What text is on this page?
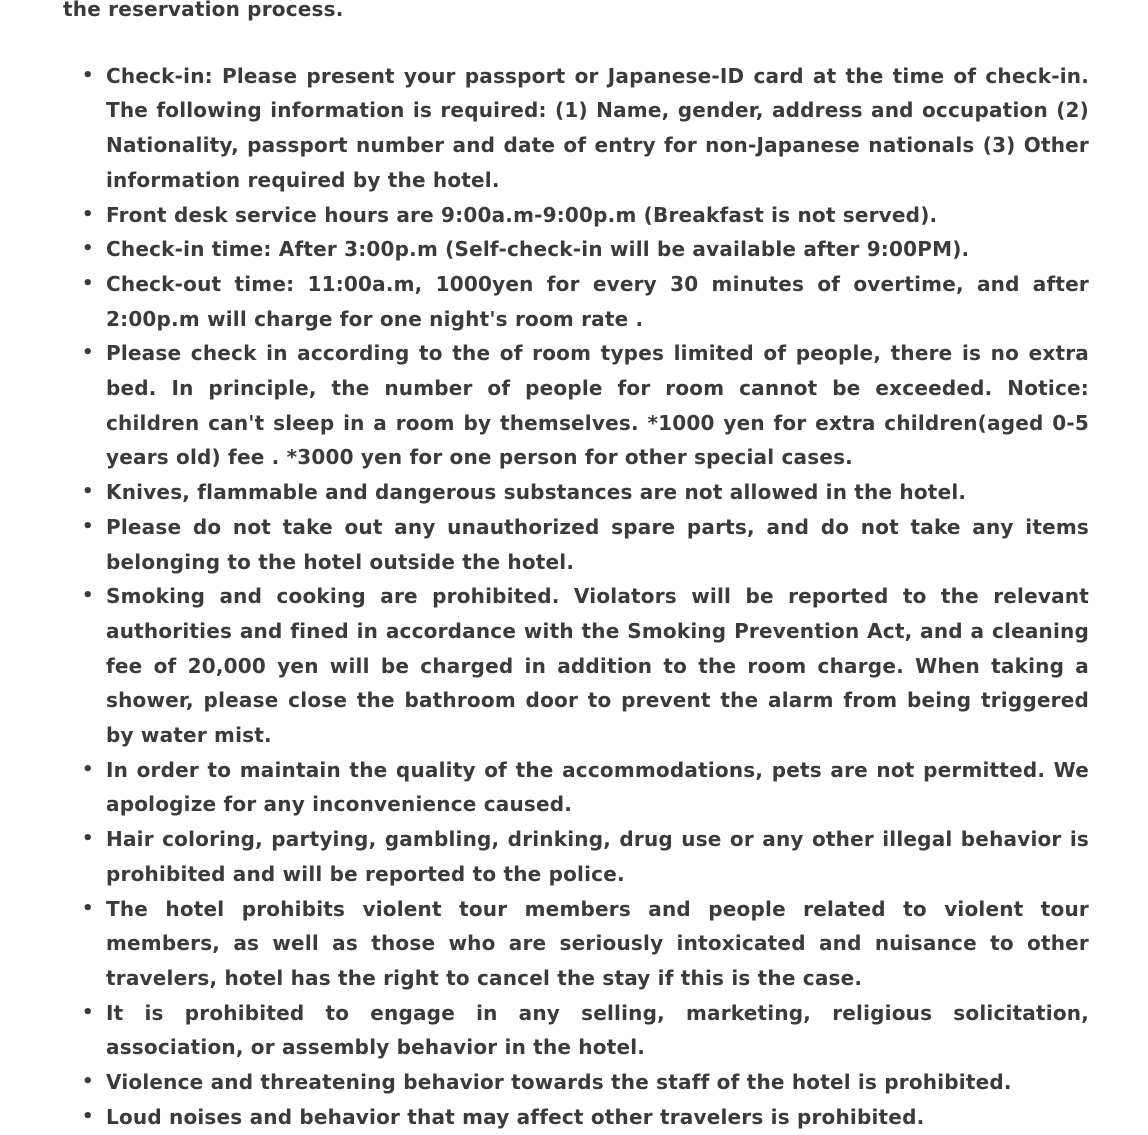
the reservation process.

• Check-in: Please present your passport or Japanese-ID card at the time of check-in. The following information is required: (1) Name, gender, address and occupation (2) Nationality, passport number and date of entry for non-Japanese nationals (3) Other information required by the hotel.
• Front desk service hours are 9:00a.m-9:00p.m (Breakfast is not served).
• Check-in time: After 3:00p.m (Self-check-in will be available after 9:00PM).
• Check-out time: 11:00a.m, 1000yen for every 30 minutes of overtime, and after 2:00p.m will charge for one night's room rate .
• Please check in according to the of room types limited of people, there is no extra bed. In principle, the number of people for room cannot be exceeded. Notice: children can't sleep in a room by themselves. *1000 yen for extra children(aged 0-5 years old) fee . *3000 yen for one person for other special cases.
• Knives, flammable and dangerous substances are not allowed in the hotel.
• Please do not take out any unauthorized spare parts, and do not take any items belonging to the hotel outside the hotel.
• Smoking and cooking are prohibited. Violators will be reported to the relevant authorities and fined in accordance with the Smoking Prevention Act, and a cleaning fee of 20,000 yen will be charged in addition to the room charge. When taking a shower, please close the bathroom door to prevent the alarm from being triggered by water mist.
• In order to maintain the quality of the accommodations, pets are not permitted. We apologize for any inconvenience caused.
• Hair coloring, partying, gambling, drinking, drug use or any other illegal behavior is prohibited and will be reported to the police.
• The hotel prohibits violent tour members and people related to violent tour members, as well as those who are seriously intoxicated and nuisance to other travelers, hotel has the right to cancel the stay if this is the case.
• It is prohibited to engage in any selling, marketing, religious solicitation, association, or assembly behavior in the hotel.
• Violence and threatening behavior towards the staff of the hotel is prohibited.
• Loud noises and behavior that may affect other travelers is prohibited.
